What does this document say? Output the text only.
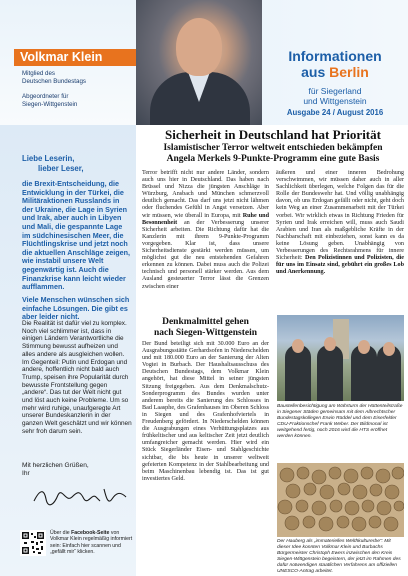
Volkmar Klein
Mitglied des
Deutschen Bundestags
Abgeordneter für
Siegen-Wittgenstein
Informationen
aus Berlin
für Siegerland
und Wittgenstein
Ausgabe 24 / August 2016
Liebe Leserin,
lieber Leser,
die Brexit-Entscheidung, die Entwicklung in der Türkei, die Militäraktionen Russlands in der Ukraine, die Lage in Syrien und Irak, aber auch in Libyen und Mali, die gespannte Lage im südchinesischen Meer, die Flüchtlingskrise und jetzt noch die aktuellen Anschläge zeigen, wie instabil unsere Welt gegenwärtig ist. Auch die Finanzkrise kann leicht wieder aufflammen.
Viele Menschen wünschen sich einfache Lösungen. Die gibt es aber leider nicht.
Die Realität ist dafür viel zu komplex. Noch viel schlimmer ist, dass in einigen Ländern Verantwortliche die Stimmung bewusst aufheizen und alles andere als ausgleichen wollen. Im Gegenteil: Putin und Erdogan und andere, hoffentlich nicht bald auch Trump, speisen ihre Popularität durch bewusste Frontstellung gegen „andere“. Das tut der Welt nicht gut und löst auch keine Probleme. Um so mehr wird ruhige, unaufgeregte Art unserer Bundeskanzlerin in der ganzen Welt geschätzt und wir können sehr froh darum sein.
Mit herzlichen Grüßen,
Ihr
Über die Facebook-Seite von Volkmar Klein regelmäßig informiert sein: Einfach hier scannen und „gefällt mir“ klicken.
Sicherheit in Deutschland hat Priorität
Islamistischer Terror weltweit entschieden bekämpfen
Angela Merkels 9-Punkte-Programm eine gute Basis
Terror betrifft nicht nur andere Länder, sondern auch uns hier in Deutschland. Das haben nach Brüssel und Nizza die jüngsten Anschläge in Würzburg, Ansbach und München schmerzvoll deutlich gemacht. Das darf uns jetzt nicht lähmen oder fluchendes Gefühl in Angst versetzen. Aber wir müssen, wie überall in Europa, mit Ruhe und Besonnenheit an der Verbesserung unserer Sicherheit arbeiten. Die Richtung dafür hat die Kanzlerin mit ihrem 9-Punkte-Programm vorgegeben. Klar ist, dass unsere Sicherheitsdienste gestärkt werden müssen, um möglichst gut die neu entstehenden Gefahren erkennen zu können. Dabei muss auch die Polizei technisch und personell stärker werden. Aus dem Ausland gesteuerter Terror lässt die Grenzen zwischen einer
äußeren und einer inneren Bedrohung verschwimmen, wir müssen daher auch in aller Sachlichkeit überlegen, welche Folgen das für die Rolle der Bundeswehr hat. Und völlig unabhängig davon, ob uns Erdogan gefällt oder nicht, geht doch kein Weg an einer Zusammenarbeit mit der Türkei vorbei. Wir wirklich etwas in Richtung Frieden für Syrien und Irak erreichen will, muss auch Saudi Arabien und Iran als maßgebliche Kräfte in der Nachbarschaft mit einbeziehen, sonst kann es da keine Lösung geben. Unabhängig von Verbesserungen des Rechtsrahmens für innere Sicherheit: Den Polizistinnen und Polizisten, die für uns im Einsatz sind, gebührt ein großes Lob und Anerkennung.
Denkmalmittel gehen
nach Siegen-Wittgenstein
Der Bund beteiligt sich mit 30.000 Euro an der Ausgrabungsstätte Gerhardsofen in Niederschelden und mit 180.000 Euro an der Sanierung der Alten Vogtei in Burbach. Der Haushaltsausschuss des Deutschen Bundestags, dem Volkmar Klein angehört, hat diese Mittel in seiner jüngsten Sitzung freigegeben. Aus dem Denkmalschutz-Sonderprogramm des Bundes wurden unter anderem bereits die Sanierung des Schlosses in Bad Laasphe, des Grafenhauses im Oberen Schloss in Siegen und des Grafenhofviertels in Freudenberg gefördert. In Niederschelden können die Ausgrabungen eines Verhüttungsplatzes aus frühkeltischer und aus keltischer Zeit jetzt deutlich umfangreicher gemacht werden. Hier wird ein Stück Siegerländer Eisen- und Stahlgeschichte sichtbar, die bis heute in unserer weltweit gefeierten Kompetenz in der Stahlbearbeitung und beim Maschinenbau lebendig ist. Das ist gut investiertes Geld.
Baustellenbesichtigung am Wahrturm der Hüttenteilstraße in Siegener Städen gemeinsam mit dem Albrechtscher Bundestagskollegen Erwin Rüddel und dem Eiserfelder CDU-Fraktionschef Frank Weber. Der Bildmonal ist weitgehend fertig, noch 2016 wird die HTS eröffnet werden können.
Der Hauberg als „immaterielles Welthkulturerbe“: Mit dieser Idee konnten Volkmar Klein und Burbachs Bürgermeister Christoph Ewers inzwischen den Kreis Siegen-Wittgenstein begeistern, der jetzt im Rahmen des dafür notwendigen staatlichen Verfahrens am offiziellen UNESCO-Antrag arbeitet.
